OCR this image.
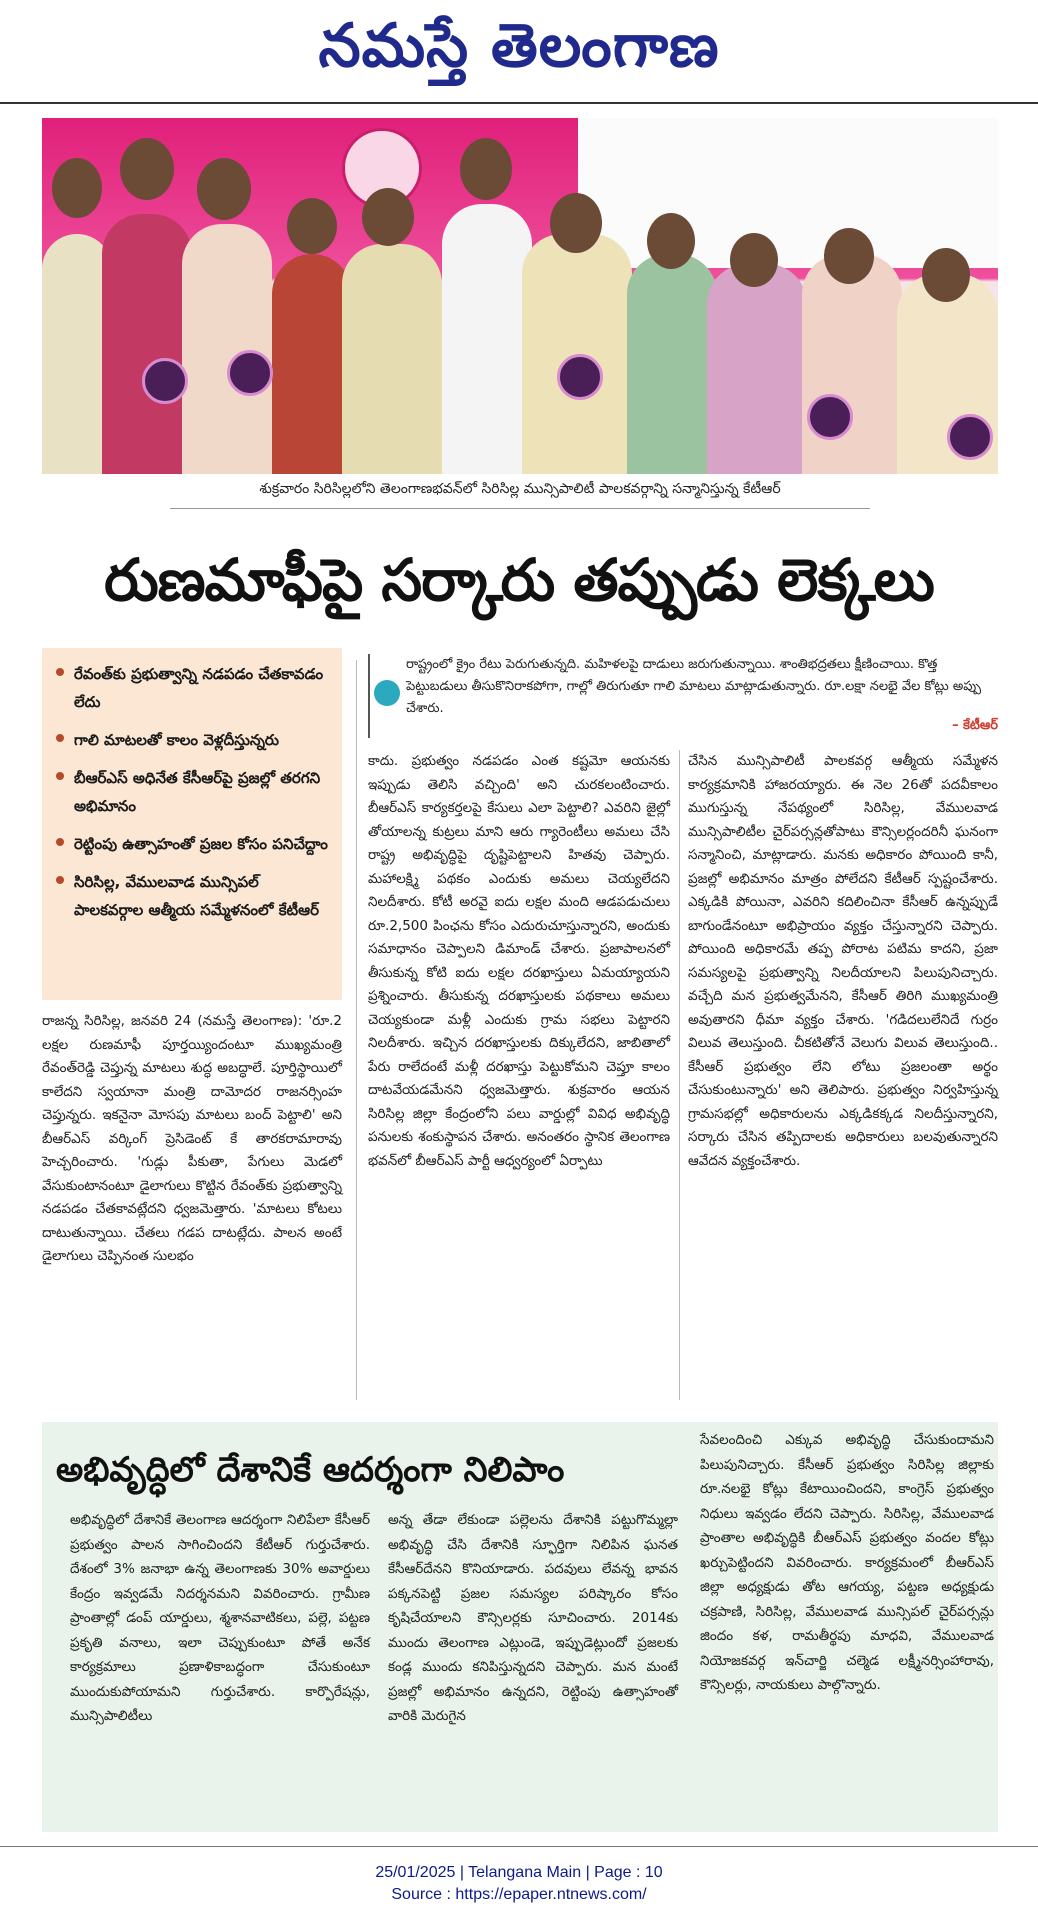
నమస్తే తెలంగాణ
శుక్రవారం సిరిసిల్లలోని తెలంగాణభవన్‌లో సిరిసిల్ల మున్సిపాలిటీ పాలకవర్గాన్ని సన్మానిస్తున్న కేటీఆర్
రుణమాఫీపై సర్కారు తప్పుడు లెక్కలు
రేవంత్‌కు ప్రభుత్వాన్ని నడపడం చేతకావడం లేదు
గాలి మాటలతో కాలం వెళ్లదీస్తున్నరు
బీఆర్‌ఎస్ అధినేత కేసీఆర్‌పై ప్రజల్లో తరగని అభిమానం
రెట్టింపు ఉత్సాహంతో ప్రజల కోసం పనిచేద్దాం
సిరిసిల్ల, వేములవాడ మున్సిపల్ పాలకవర్గాల ఆత్మీయ సమ్మేళనంలో కేటీఆర్

రాష్ట్రంలో క్రైం రేటు పెరుగుతున్నది. మహిళలపై దాడులు జరుగుతున్నాయి. శాంతిభద్రతలు క్షీణించాయి. కొత్త పెట్టుబడులు తీసుకొనిరాకపోగా, గాల్లో తిరుగుతూ గాలి మాటలు మాట్లాడుతున్నారు. రూ.లక్షా నలభై వేల కోట్లు అప్పు చేశారు.

– కేటీఆర్

రాజన్న సిరిసిల్ల, జనవరి 24 (నమస్తే తెలంగాణ): 'రూ.2 లక్షల రుణమాఫీ పూర్తయ్యిందంటూ ముఖ్యమంత్రి రేవంత్‌రెడ్డి చెప్తున్న మాటలు శుద్ధ అబద్ధాలే. పూర్తిస్థాయిలో కాలేదని స్వయానా మంత్రి దామోదర రాజనర్సింహ చెప్తున్నరు. ఇకనైనా మోసపు మాటలు బంద్ పెట్టాలి' అని బీఆర్‌ఎస్ వర్కింగ్ ప్రెసిడెంట్ కే తారకరామారావు హెచ్చరించారు. 'గుడ్లు పీకుతా, పేగులు మెడలో వేసుకుంటానంటూ డైలాగులు కొట్టిన రేవంత్‌కు ప్రభుత్వాన్ని నడపడం చేతకావట్లేదని ధ్వజమెత్తారు. 'మాటలు కోటలు దాటుతున్నాయి. చేతలు గడప దాటట్లేదు. పాలన అంటే డైలాగులు చెప్పినంత సులభం

కాదు. ప్రభుత్వం నడపడం ఎంత కష్టమో ఆయనకు ఇప్పుడు తెలిసి వచ్చింది' అని చురకలంటించారు. బీఆర్‌ఎస్ కార్యకర్తలపై కేసులు ఎలా పెట్టాలి? ఎవరిని జైల్లో తోయాలన్న కుట్రలు మాని ఆరు గ్యారెంటీలు అమలు చేసి రాష్ట్ర అభివృద్ధిపై దృష్టిపెట్టాలని హితవు చెప్పారు. మహాలక్ష్మి పథకం ఎందుకు అమలు చెయ్యలేదని నిలదీశారు. కోటీ అరవై ఐదు లక్షల మంది ఆడపడుచులు రూ.2,500 పింఛను కోసం ఎదురుచూస్తున్నారని, అందుకు సమాధానం చెప్పాలని డిమాండ్ చేశారు. ప్రజాపాలనలో తీసుకున్న కోటి ఐదు లక్షల దరఖాస్తులు ఏమయ్యాయని ప్రశ్నించారు. తీసుకున్న దరఖాస్తులకు పథకాలు అమలు చెయ్యకుండా మళ్లీ ఎందుకు గ్రామ సభలు పెట్టారని నిలదీశారు. ఇచ్చిన దరఖాస్తులకు దిక్కులేదని, జాబితాలో పేరు రాలేదంటే మళ్లీ దరఖాస్తు పెట్టుకోమని చెప్తూ కాలం దాటవేయడమేనని ధ్వజమెత్తారు. శుక్రవారం ఆయన సిరిసిల్ల జిల్లా కేంద్రంలోని పలు వార్డుల్లో వివిధ అభివృద్ధి పనులకు శంకుస్థాపన చేశారు. అనంతరం స్థానిక తెలంగాణ భవన్‌లో బీఆర్‌ఎస్ పార్టీ ఆధ్వర్యంలో ఏర్పాటు

చేసిన మున్సిపాలిటీ పాలకవర్గ ఆత్మీయ సమ్మేళన కార్యక్రమానికి హాజరయ్యారు. ఈ నెల 26తో పదవీకాలం ముగుస్తున్న నేపథ్యంలో సిరిసిల్ల, వేములవాడ మున్సిపాలిటీల చైర్‌పర్సన్లతోపాటు కౌన్సిలర్లందరినీ ఘనంగా సన్మానించి, మాట్లాడారు. మనకు అధికారం పోయింది కానీ, ప్రజల్లో అభిమానం మాత్రం పోలేదని కేటీఆర్ స్పష్టంచేశారు. ఎక్కడికి పోయినా, ఎవరిని కదిలించినా కేసీఆర్ ఉన్నప్పుడే బాగుండేనంటూ అభిప్రాయం వ్యక్తం చేస్తున్నారని చెప్పారు. పోయింది అధికారమే తప్ప పోరాట పటిమ కాదని, ప్రజా సమస్యలపై ప్రభుత్వాన్ని నిలదీయాలని పిలుపునిచ్చారు. వచ్చేది మన ప్రభుత్వమేనని, కేసీఆర్ తిరిగి ముఖ్యమంత్రి అవుతారని ధీమా వ్యక్తం చేశారు. 'గడిదలులేనిదే గుర్రం విలువ తెలుస్తుంది. చీకటితోనే వెలుగు విలువ తెలుస్తుంది.. కేసీఆర్ ప్రభుత్వం లేని లోటు ప్రజలంతా అర్థం చేసుకుంటున్నారు' అని తెలిపారు. ప్రభుత్వం నిర్వహిస్తున్న గ్రామసభల్లో అధికారులను ఎక్కడికక్కడ నిలదీస్తున్నారని, సర్కారు చేసిన తప్పిదాలకు అధికారులు బలవుతున్నారని ఆవేదన వ్యక్తంచేశారు.

అభివృద్ధిలో దేశానికే ఆదర్శంగా నిలిపాం

అభివృద్ధిలో దేశానికే తెలంగాణ ఆదర్శంగా నిలిపేలా కేసీఆర్ ప్రభుత్వం పాలన సాగించిందని కేటీఆర్ గుర్తుచేశారు. దేశంలో 3% జనాభా ఉన్న తెలంగాణకు 30% అవార్డులు కేంద్రం ఇవ్వడమే నిదర్శనమని వివరించారు. గ్రామీణ ప్రాంతాల్లో డంప్ యార్డులు, శ్మశానవాటికలు, పల్లె, పట్టణ ప్రకృతి వనాలు, ఇలా చెప్పుకుంటూ పోతే అనేక కార్యక్రమాలు ప్రణాళికాబద్ధంగా చేసుకుంటూ ముందుకుపోయామని గుర్తుచేశారు. కార్పొరేషన్లు, మున్సిపాలిటీలు

అన్న తేడా లేకుండా పల్లెలను దేశానికి పట్టుగొమ్మల్లా అభివృద్ధి చేసి దేశానికి స్ఫూర్తిగా నిలిపిన ఘనత కేసీఆర్‌దేనని కొనియాడారు. పదవులు లేవన్న భావన పక్కనపెట్టి ప్రజల సమస్యల పరిష్కారం కోసం కృషిచేయాలని కౌన్సిలర్లకు సూచించారు. 2014కు ముందు తెలంగాణ ఎట్లుండె, ఇప్పుడెట్లుందో ప్రజలకు కండ్ల ముందు కనిపిస్తున్నదని చెప్పారు. మన మంటే ప్రజల్లో అభిమానం ఉన్నదని, రెట్టింపు ఉత్సాహంతో వారికి మెరుగైన

సేవలందించి ఎక్కువ అభివృద్ధి చేసుకుందామని పిలుపునిచ్చారు. కేసీఆర్ ప్రభుత్వం సిరిసిల్ల జిల్లాకు రూ.నలభై కోట్లు కేటాయించిందని, కాంగ్రెస్ ప్రభుత్వం నిధులు ఇవ్వడం లేదని చెప్పారు. సిరిసిల్ల, వేములవాడ ప్రాంతాల అభివృద్ధికి బీఆర్‌ఎస్ ప్రభుత్వం వందల కోట్లు ఖర్చుపెట్టిందని వివరించారు. కార్యక్రమంలో బీఆర్‌ఎస్ జిల్లా అధ్యక్షుడు తోట ఆగయ్య, పట్టణ అధ్యక్షుడు చక్రపాణి, సిరిసిల్ల, వేములవాడ మున్సిపల్ చైర్‌పర్సన్లు జిందం కళ, రామతీర్థపు మాధవి, వేములవాడ నియోజకవర్గ ఇన్‌చార్జి చల్మెడ లక్ష్మీనర్సింహారావు, కౌన్సిలర్లు, నాయకులు పాల్గొన్నారు.

25/01/2025 | Telangana Main | Page : 10
Source : https://epaper.ntnews.com/
